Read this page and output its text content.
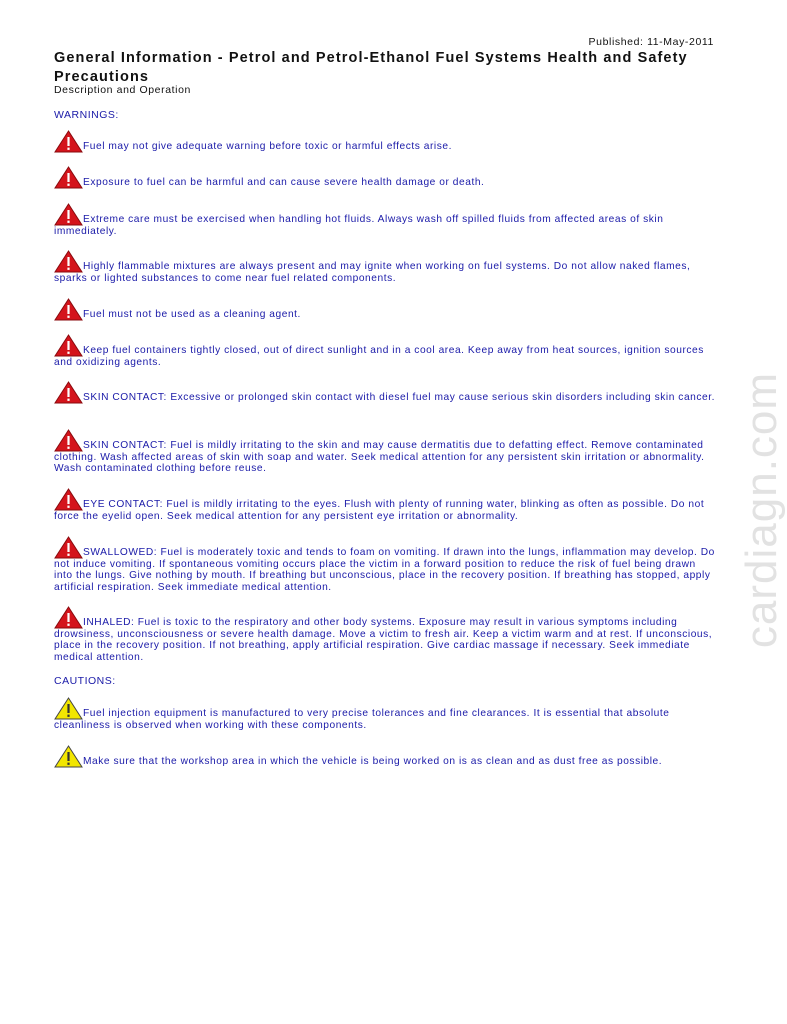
Published: 11-May-2011
General Information - Petrol and Petrol-Ethanol Fuel Systems Health and Safety Precautions
Description and Operation
WARNINGS:
Fuel may not give adequate warning before toxic or harmful effects arise.
Exposure to fuel can be harmful and can cause severe health damage or death.
Extreme care must be exercised when handling hot fluids. Always wash off spilled fluids from affected areas of skin immediately.
Highly flammable mixtures are always present and may ignite when working on fuel systems. Do not allow naked flames, sparks or lighted substances to come near fuel related components.
Fuel must not be used as a cleaning agent.
Keep fuel containers tightly closed, out of direct sunlight and in a cool area. Keep away from heat sources, ignition sources and oxidizing agents.
SKIN CONTACT: Excessive or prolonged skin contact with diesel fuel may cause serious skin disorders including skin cancer.
SKIN CONTACT: Fuel is mildly irritating to the skin and may cause dermatitis due to defatting effect. Remove contaminated clothing. Wash affected areas of skin with soap and water. Seek medical attention for any persistent skin irritation or abnormality. Wash contaminated clothing before reuse.
EYE CONTACT: Fuel is mildly irritating to the eyes. Flush with plenty of running water, blinking as often as possible. Do not force the eyelid open. Seek medical attention for any persistent eye irritation or abnormality.
SWALLOWED: Fuel is moderately toxic and tends to foam on vomiting. If drawn into the lungs, inflammation may develop. Do not induce vomiting. If spontaneous vomiting occurs place the victim in a forward position to reduce the risk of fuel being drawn into the lungs. Give nothing by mouth. If breathing but unconscious, place in the recovery position. If breathing has stopped, apply artificial respiration. Seek immediate medical attention.
INHALED: Fuel is toxic to the respiratory and other body systems. Exposure may result in various symptoms including drowsiness, unconsciousness or severe health damage. Move a victim to fresh air. Keep a victim warm and at rest. If unconscious, place in the recovery position. If not breathing, apply artificial respiration. Give cardiac massage if necessary. Seek immediate medical attention.
CAUTIONS:
Fuel injection equipment is manufactured to very precise tolerances and fine clearances. It is essential that absolute cleanliness is observed when working with these components.
Make sure that the workshop area in which the vehicle is being worked on is as clean and as dust free as possible.
cardiagn.com
